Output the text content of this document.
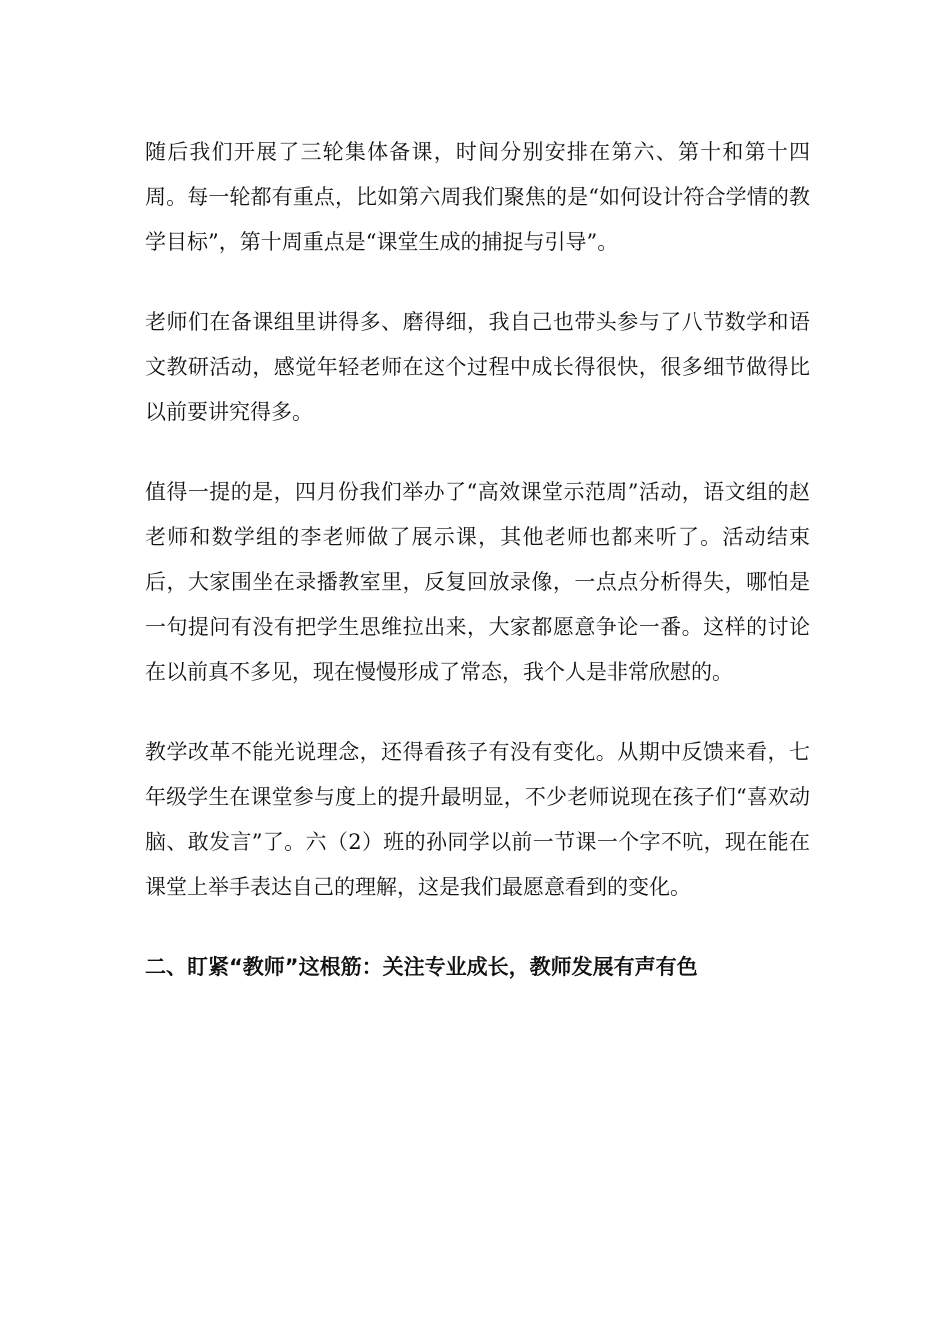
随后我们开展了三轮集体备课，时间分别安排在第六、第十和第十四周。每一轮都有重点，比如第六周我们聚焦的是“如何设计符合学情的教学目标”，第十周重点是“课堂生成的捕捉与引导”。

老师们在备课组里讲得多、磨得细，我自己也带头参与了八节数学和语文教研活动，感觉年轻老师在这个过程中成长得很快，很多细节做得比以前要讲究得多。

值得一提的是，四月份我们举办了“高效课堂示范周”活动，语文组的赵老师和数学组的李老师做了展示课，其他老师也都来听了。活动结束后，大家围坐在录播教室里，反复回放录像，一点点分析得失，哪怕是一句提问有没有把学生思维拉出来，大家都愿意争论一番。这样的讨论在以前真不多见，现在慢慢形成了常态，我个人是非常欣慰的。

教学改革不能光说理念，还得看孩子有没有变化。从期中反馈来看，七年级学生在课堂参与度上的提升最明显，不少老师说现在孩子们“喜欢动脑、敢发言”了。六（2）班的孙同学以前一节课一个字不吭，现在能在课堂上举手表达自己的理解，这是我们最愿意看到的变化。

二、盯紧“教师”这根筋：关注专业成长，教师发展有声有色
